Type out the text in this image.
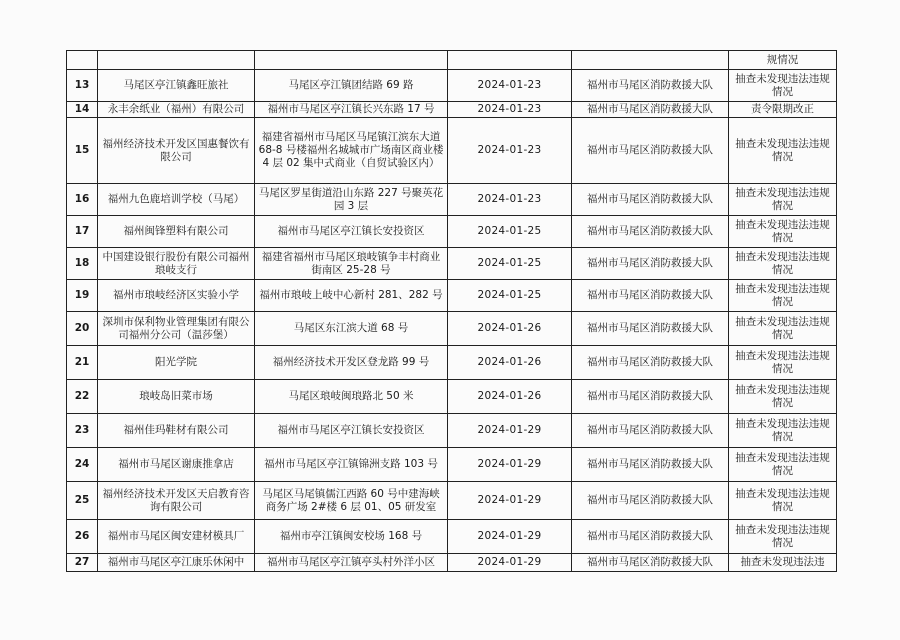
					规情况
13	马尾区亭江镇鑫旺旅社	马尾区亭江镇团结路 69 路	2024-01-23	福州市马尾区消防救援大队	抽查未发现违法违规情况
14	永丰余纸业（福州）有限公司	福州市马尾区亭江镇长兴东路 17 号	2024-01-23	福州市马尾区消防救援大队	责令限期改正
15	福州经济技术开发区国惠餐饮有限公司	福建省福州市马尾区马尾镇江滨东大道 68-8 号楼福州名城城市广场南区商业楼 4 层 02 集中式商业（自贸试验区内）	2024-01-23	福州市马尾区消防救援大队	抽查未发现违法违规情况
16	福州九色鹿培训学校（马尾）	马尾区罗星街道沿山东路 227 号聚英花园 3 层	2024-01-23	福州市马尾区消防救援大队	抽查未发现违法违规情况
17	福州闽锋塑料有限公司	福州市马尾区亭江镇长安投资区	2024-01-25	福州市马尾区消防救援大队	抽查未发现违法违规情况
18	中国建设银行股份有限公司福州琅岐支行	福建省福州市马尾区琅岐镇争丰村商业街南区 25-28 号	2024-01-25	福州市马尾区消防救援大队	抽查未发现违法违规情况
19	福州市琅岐经济区实验小学	福州市琅岐上岐中心新村 281、282 号	2024-01-25	福州市马尾区消防救援大队	抽查未发现违法违规情况
20	深圳市保利物业管理集团有限公司福州分公司（温莎堡）	马尾区东江滨大道 68 号	2024-01-26	福州市马尾区消防救援大队	抽查未发现违法违规情况
21	阳光学院	福州经济技术开发区登龙路 99 号	2024-01-26	福州市马尾区消防救援大队	抽查未发现违法违规情况
22	琅岐岛旧菜市场	马尾区琅岐闽琅路北 50 米	2024-01-26	福州市马尾区消防救援大队	抽查未发现违法违规情况
23	福州佳玛鞋材有限公司	福州市马尾区亭江镇长安投资区	2024-01-29	福州市马尾区消防救援大队	抽查未发现违法违规情况
24	福州市马尾区谢康推拿店	福州市马尾区亭江镇锦洲支路 103 号	2024-01-29	福州市马尾区消防救援大队	抽查未发现违法违规情况
25	福州经济技术开发区天启教育咨询有限公司	马尾区马尾镇儒江西路 60 号中建海峡商务广场 2#楼 6 层 01、05 研发室	2024-01-29	福州市马尾区消防救援大队	抽查未发现违法违规情况
26	福州市马尾区闽安建材模具厂	福州市亭江镇闽安校场 168 号	2024-01-29	福州市马尾区消防救援大队	抽查未发现违法违规情况
27	福州市马尾区亭江康乐休闲中	福州市马尾区亭江镇亭头村外洋小区	2024-01-29	福州市马尾区消防救援大队	抽查未发现违法违
